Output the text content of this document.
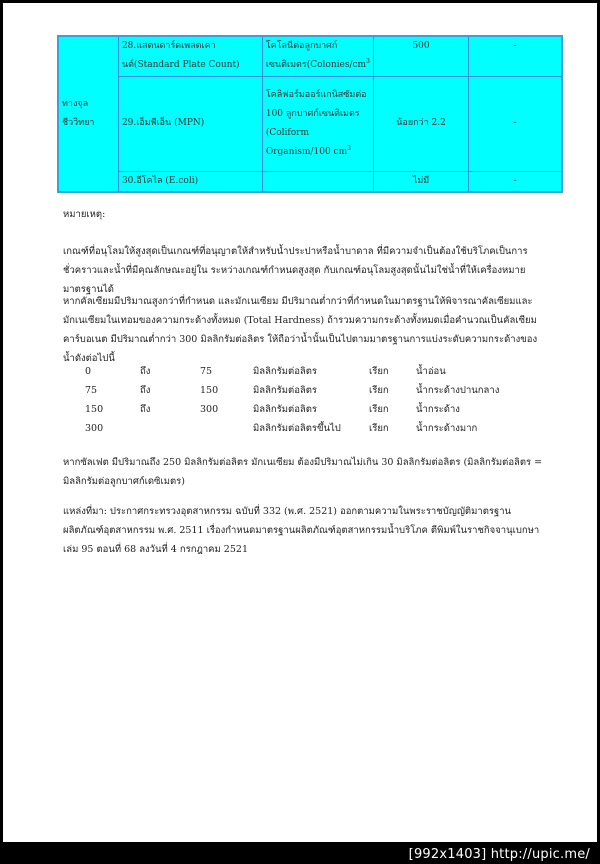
ทางจุลชีววิทยา	28.แสตนดาร์ดเพลตเคานต์(Standard Plate Count)	โคโลนีต่อลูกบาศก์เซนติเมตร($Colonies/cm^3$	500	-
	29.เอ็มพีเอ็น (MPN)	โคลิฟอร์มออร์แกนิสซัมต่อ 100 ลูกบาศก์เซนติเมตร (Coliform Organism/100 $cm^3$	น้อยกว่า 2.2	-
	30.อีโคไล (E.coli)		ไม่มี	-
หมายเหตุ:
เกณฑ์ที่อนุโลมให้สูงสุดเป็นเกณฑ์ที่อนุญาตให้สำหรับน้ำประปาหรือน้ำบาดาล ที่มีความจำเป็นต้องใช้บริโภคเป็นการชั่วคราวและน้ำที่มีคุณลักษณะอยู่ใน ระหว่างเกณฑ์กำหนดสูงสุด กับเกณฑ์อนุโลมสูงสุดนั้นไม่ใช่น้ำที่ให้เครื่องหมายมาตรฐานได้
หากคัลเซียมมีปริมาณสูงกว่าที่กำหนด และมักเนเซียม มีปริมาณต่ำกว่าที่กำหนดในมาตรฐานให้พิจารณาคัลเซียมและมักเนเซียมในเทอมของความกระด้างทั้งหมด (Total Hardness) ถ้ารวมความกระด้างทั้งหมดเมื่อคำนวณเป็นคัลเซียมคาร์บอเนต มีปริมาณต่ำกว่า 300 มิลลิกรัมต่อลิตร ให้ถือว่าน้ำนั้นเป็นไปตามมาตรฐานการแบ่งระดับความกระด้างของน้ำดังต่อไปนี้
0	ถึง	75	มิลลิกรัมต่อลิตร	เรียก	น้ำอ่อน
75	ถึง	150	มิลลิกรัมต่อลิตร	เรียก	น้ำกระด้างปานกลาง
150	ถึง	300	มิลลิกรัมต่อลิตร	เรียก	น้ำกระด้าง
300			มิลลิกรัมต่อลิตรขึ้นไป	เรียก	น้ำกระด้างมาก
หากซัลเฟต มีปริมาณถึง 250 มิลลิกรัมต่อลิตร มักเนเซียม ต้องมีปริมาณไม่เกิน 30 มิลลิกรัมต่อลิตร (มิลลิกรัมต่อลิตร = มิลลิกรัมต่อลูกบาศก์เดซิเมตร)
แหล่งที่มา: ประกาศกระทรวงอุตสาหกรรม ฉบับที่ 332 (พ.ศ. 2521) ออกตามความในพระราชบัญญัติมาตรฐานผลิตภัณฑ์อุตสาหกรรม พ.ศ. 2511 เรื่องกำหนดมาตรฐานผลิตภัณฑ์อุตสาหกรรมน้ำบริโภค ตีพิมพ์ในราชกิจจานุเบกษา เล่ม 95 ตอนที่ 68 ลงวันที่ 4 กรกฎาคม 2521
[992x1403] http://upic.me/
